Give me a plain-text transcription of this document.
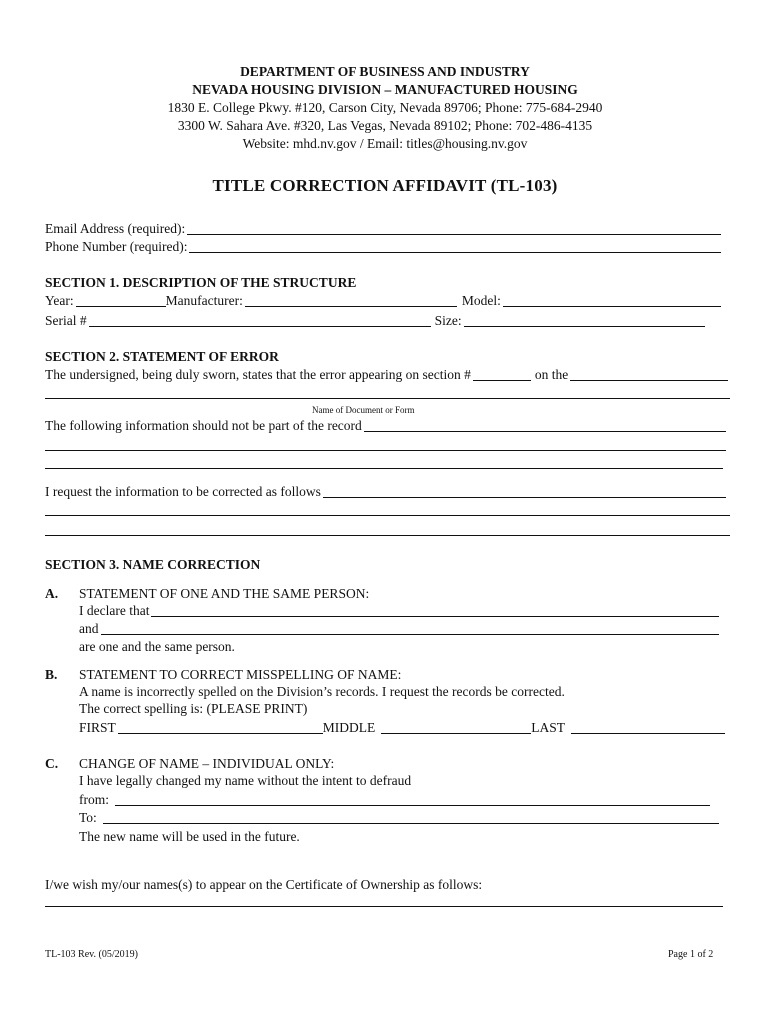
DEPARTMENT OF BUSINESS AND INDUSTRY
NEVADA HOUSING DIVISION – MANUFACTURED HOUSING
1830 E. College Pkwy. #120, Carson City, Nevada 89706; Phone: 775-684-2940
3300 W. Sahara Ave. #320, Las Vegas, Nevada 89102; Phone: 702-486-4135
Website: mhd.nv.gov / Email: titles@housing.nv.gov
TITLE CORRECTION AFFIDAVIT (TL-103)
Email Address (required):
Phone Number (required):
SECTION 1. DESCRIPTION OF THE STRUCTURE
Year:	Manufacturer:	Model:
Serial #	Size:
SECTION 2. STATEMENT OF ERROR
The undersigned, being duly sworn, states that the error appearing on section #	on the
Name of Document or Form
The following information should not be part of the record
I request the information to be corrected as follows
SECTION 3. NAME CORRECTION
A. STATEMENT OF ONE AND THE SAME PERSON:
I declare that
and
are one and the same person.
B. STATEMENT TO CORRECT MISSPELLING OF NAME:
A name is incorrectly spelled on the Division’s records. I request the records be corrected.
The correct spelling is: (PLEASE PRINT)
FIRST	MIDDLE	LAST
C. CHANGE OF NAME – INDIVIDUAL ONLY:
I have legally changed my name without the intent to defraud
from:
To:
The new name will be used in the future.
I/we wish my/our names(s) to appear on the Certificate of Ownership as follows:
TL-103 Rev. (05/2019)	Page 1 of 2
